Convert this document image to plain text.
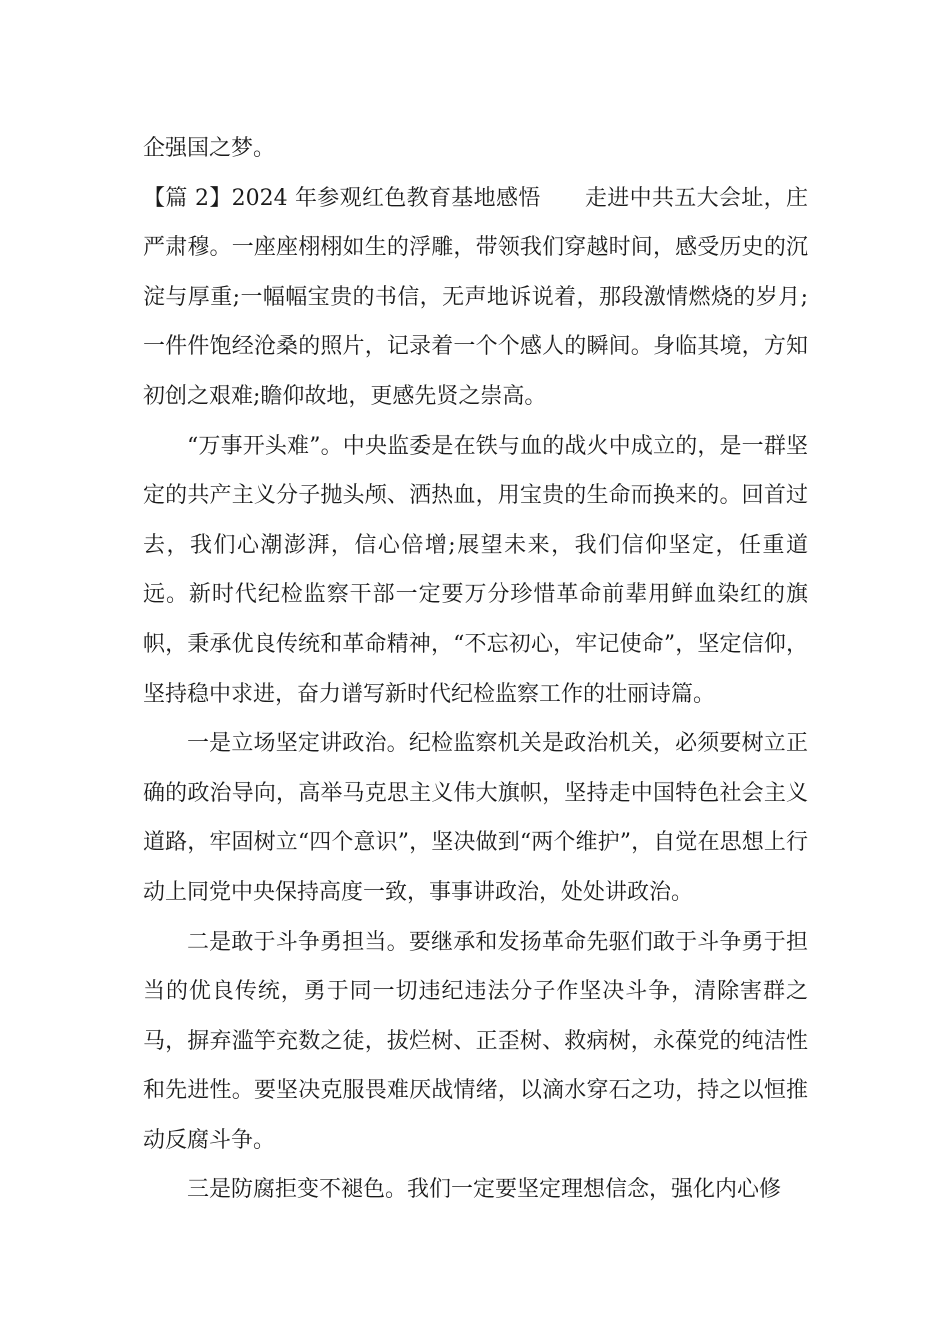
企强国之梦。

【篇 2】2024 年参观红色教育基地感悟 走进中共五大会址，庄严肃穆。一座座栩栩如生的浮雕，带领我们穿越时间，感受历史的沉淀与厚重;一幅幅宝贵的书信，无声地诉说着，那段激情燃烧的岁月;一件件饱经沧桑的照片，记录着一个个感人的瞬间。身临其境，方知初创之艰难;瞻仰故地，更感先贤之崇高。

“万事开头难”。中央监委是在铁与血的战火中成立的，是一群坚定的共产主义分子抛头颅、洒热血，用宝贵的生命而换来的。回首过去，我们心潮澎湃，信心倍增;展望未来，我们信仰坚定，任重道远。新时代纪检监察干部一定要万分珍惜革命前辈用鲜血染红的旗帜，秉承优良传统和革命精神，“不忘初心，牢记使命”，坚定信仰，坚持稳中求进，奋力谱写新时代纪检监察工作的壮丽诗篇。

一是立场坚定讲政治。纪检监察机关是政治机关，必须要树立正确的政治导向，高举马克思主义伟大旗帜，坚持走中国特色社会主义道路，牢固树立“四个意识”，坚决做到“两个维护”，自觉在思想上行动上同党中央保持高度一致，事事讲政治，处处讲政治。

二是敢于斗争勇担当。要继承和发扬革命先驱们敢于斗争勇于担当的优良传统，勇于同一切违纪违法分子作坚决斗争，清除害群之马，摒弃滥竽充数之徒，拔烂树、正歪树、救病树，永葆党的纯洁性和先进性。要坚决克服畏难厌战情绪，以滴水穿石之功，持之以恒推动反腐斗争。

三是防腐拒变不褪色。我们一定要坚定理想信念，强化内心修
